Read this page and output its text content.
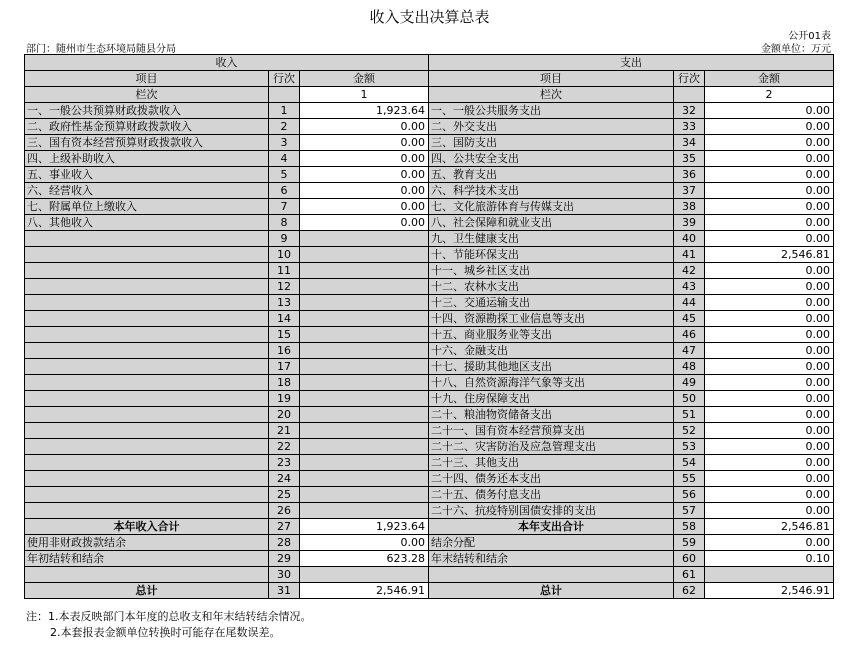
收入支出决算总表
公开01表
部门：随州市生态环境局随县分局	金额单位：万元
收入			支出		
项目	行次	金额	项目	行次	金额
栏次		1	栏次		2
一、一般公共预算财政拨款收入	1	1,923.64	一、一般公共服务支出	32	0.00
二、政府性基金预算财政拨款收入	2	0.00	二、外交支出	33	0.00
三、国有资本经营预算财政拨款收入	3	0.00	三、国防支出	34	0.00
四、上级补助收入	4	0.00	四、公共安全支出	35	0.00
五、事业收入	5	0.00	五、教育支出	36	0.00
六、经营收入	6	0.00	六、科学技术支出	37	0.00
七、附属单位上缴收入	7	0.00	七、文化旅游体育与传媒支出	38	0.00
八、其他收入	8	0.00	八、社会保障和就业支出	39	0.00
	9		九、卫生健康支出	40	0.00
	10		十、节能环保支出	41	2,546.81
	11		十一、城乡社区支出	42	0.00
	12		十二、农林水支出	43	0.00
	13		十三、交通运输支出	44	0.00
	14		十四、资源勘探工业信息等支出	45	0.00
	15		十五、商业服务业等支出	46	0.00
	16		十六、金融支出	47	0.00
	17		十七、援助其他地区支出	48	0.00
	18		十八、自然资源海洋气象等支出	49	0.00
	19		十九、住房保障支出	50	0.00
	20		二十、粮油物资储备支出	51	0.00
	21		二十一、国有资本经营预算支出	52	0.00
	22		二十二、灾害防治及应急管理支出	53	0.00
	23		二十三、其他支出	54	0.00
	24		二十四、债务还本支出	55	0.00
	25		二十五、债务付息支出	56	0.00
	26		二十六、抗疫特别国债安排的支出	57	0.00
本年收入合计	27	1,923.64	本年支出合计	58	2,546.81
使用非财政拨款结余	28	0.00	结余分配	59	0.00
年初结转和结余	29	623.28	年末结转和结余	60	0.10
	30			61	
总计	31	2,546.91	总计	62	2,546.91
注：1.本表反映部门本年度的总收支和年末结转结余情况。
2.本套报表金额单位转换时可能存在尾数误差。
